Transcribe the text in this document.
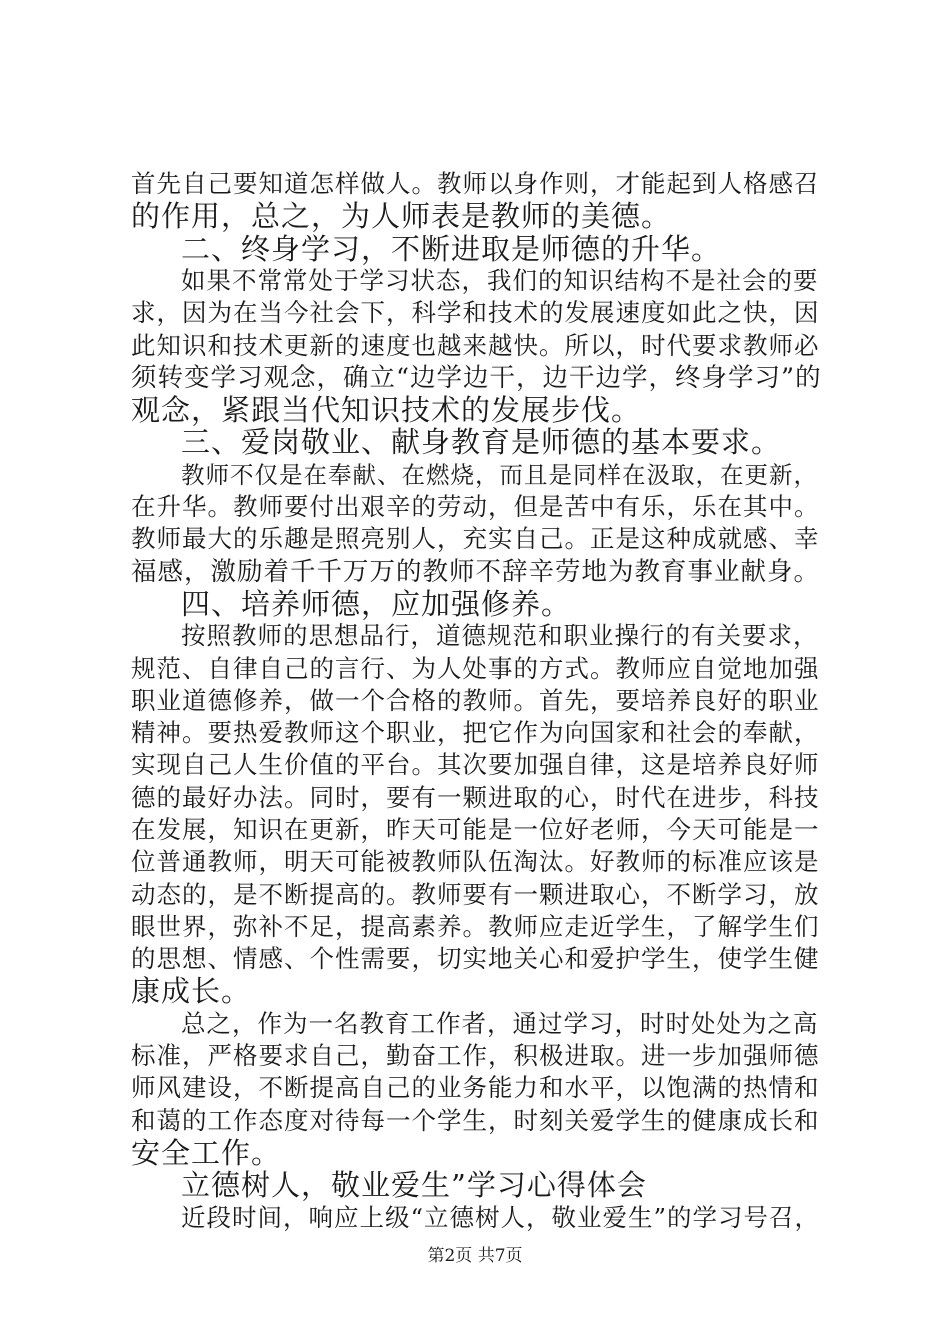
首先自己要知道怎样做人。教师以身作则，才能起到人格感召
的作用，总之，为人师表是教师的美德。
二、终身学习，不断进取是师德的升华。
如果不常常处于学习状态，我们的知识结构不是社会的要
求，因为在当今社会下，科学和技术的发展速度如此之快，因
此知识和技术更新的速度也越来越快。所以，时代要求教师必
须转变学习观念，确立“边学边干，边干边学，终身学习”的
观念，紧跟当代知识技术的发展步伐。
三、爱岗敬业、献身教育是师德的基本要求。
教师不仅是在奉献、在燃烧，而且是同样在汲取，在更新，
在升华。教师要付出艰辛的劳动，但是苦中有乐，乐在其中。
教师最大的乐趣是照亮别人，充实自己。正是这种成就感、幸
福感，激励着千千万万的教师不辞辛劳地为教育事业献身。
四、培养师德，应加强修养。
按照教师的思想品行，道德规范和职业操行的有关要求，
规范、自律自己的言行、为人处事的方式。教师应自觉地加强
职业道德修养，做一个合格的教师。首先，要培养良好的职业
精神。要热爱教师这个职业，把它作为向国家和社会的奉献，
实现自己人生价值的平台。其次要加强自律，这是培养良好师
德的最好办法。同时，要有一颗进取的心，时代在进步，科技
在发展，知识在更新，昨天可能是一位好老师，今天可能是一
位普通教师，明天可能被教师队伍淘汰。好教师的标准应该是
动态的，是不断提高的。教师要有一颗进取心，不断学习，放
眼世界，弥补不足，提高素养。教师应走近学生，了解学生们
的思想、情感、个性需要，切实地关心和爱护学生，使学生健
康成长。
总之，作为一名教育工作者，通过学习，时时处处为之高
标准，严格要求自己，勤奋工作，积极进取。进一步加强师德
师风建设，不断提高自己的业务能力和水平，以饱满的热情和
和蔼的工作态度对待每一个学生，时刻关爱学生的健康成长和
安全工作。
立德树人，敬业爱生”学习心得体会
近段时间，响应上级“立德树人，敬业爱生”的学习号召，
第2页 共7页
